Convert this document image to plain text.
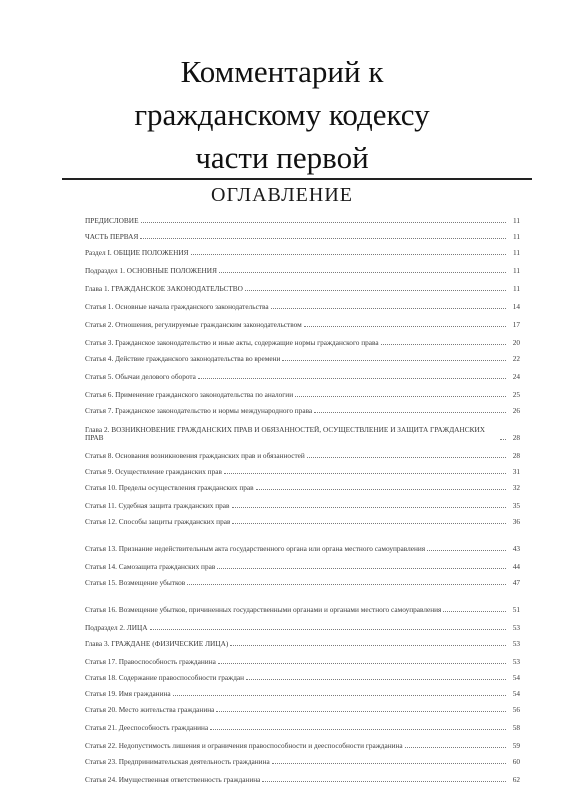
Комментарий к
гражданскому кодексу
части первой
ОГЛАВЛЕНИЕ
ПРЕДИСЛОВИЕ	11
ЧАСТЬ ПЕРВАЯ	11
Раздел I. ОБЩИЕ ПОЛОЖЕНИЯ	11
Подраздел 1. ОСНОВНЫЕ ПОЛОЖЕНИЯ	11
Глава 1. ГРАЖДАНСКОЕ ЗАКОНОДАТЕЛЬСТВО	11
Статья 1. Основные начала гражданского законодательства	14
Статья 2. Отношения, регулируемые гражданским законодательством	17
Статья 3. Гражданское законодательство и иные акты, содержащие нормы гражданского права	20
Статья 4. Действие гражданского законодательства во времени	22
Статья 5. Обычаи делового оборота	24
Статья 6. Применение гражданского законодательства по аналогии	25
Статья 7. Гражданское законодательство и нормы международного права	26
Глава 2. ВОЗНИКНОВЕНИЕ ГРАЖДАНСКИХ ПРАВ И ОБЯЗАННОСТЕЙ, ОСУЩЕСТВЛЕНИЕ И ЗАЩИТА ГРАЖДАНСКИХ ПРАВ	28
Статья 8. Основания возникновения гражданских прав и обязанностей	28
Статья 9. Осуществление гражданских прав	31
Статья 10. Пределы осуществления гражданских прав	32
Статья 11. Судебная защита гражданских прав	35
Статья 12. Способы защиты гражданских прав	36
Статья 13. Признание недействительным акта государственного органа или органа местного самоуправления	43
Статья 14. Самозащита гражданских прав	44
Статья 15. Возмещение убытков	47
Статья 16. Возмещение убытков, причиненных государственными органами и органами местного самоуправления	51
Подраздел 2. ЛИЦА	53
Глава 3. ГРАЖДАНЕ (ФИЗИЧЕСКИЕ ЛИЦА)	53
Статья 17. Правоспособность гражданина	53
Статья 18. Содержание правоспособности граждан	54
Статья 19. Имя гражданина	54
Статья 20. Место жительства гражданина	56
Статья 21. Дееспособность гражданина	58
Статья 22. Недопустимость лишения и ограничения правоспособности и дееспособности гражданина	59
Статья 23. Предпринимательская деятельность гражданина	60
Статья 24. Имущественная ответственность гражданина	62
